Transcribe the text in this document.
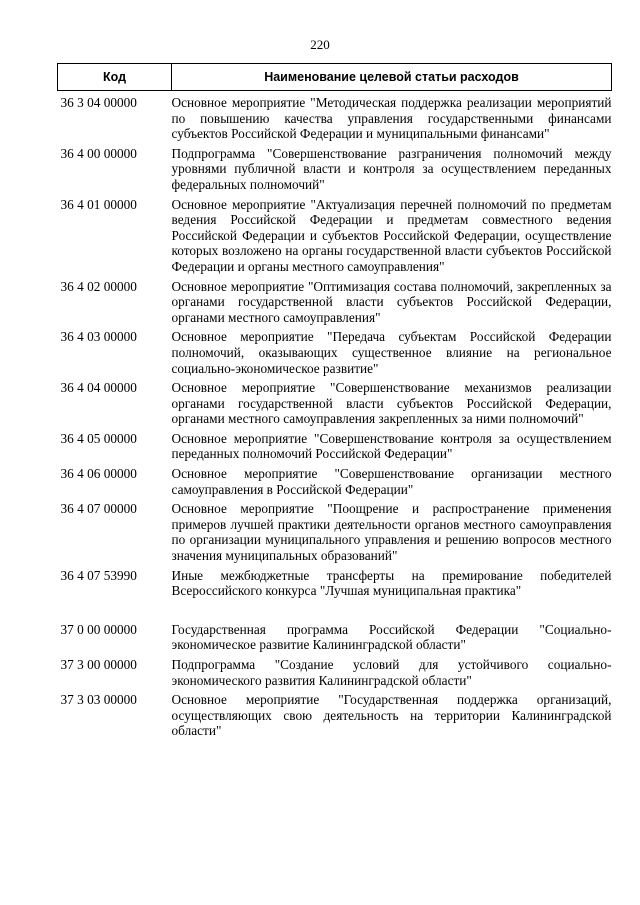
220
Код	Наименование целевой статьи расходов
36 3 04 00000	Основное мероприятие "Методическая поддержка реализации мероприятий по повышению качества управления государственными финансами субъектов Российской Федерации и муниципальными финансами"
36 4 00 00000	Подпрограмма "Совершенствование разграничения полномочий между уровнями публичной власти и контроля за осуществлением переданных федеральных полномочий"
36 4 01 00000	Основное мероприятие "Актуализация перечней полномочий по предметам ведения Российской Федерации и предметам совместного ведения Российской Федерации и субъектов Российской Федерации, осуществление которых возложено на органы государственной власти субъектов Российской Федерации и органы местного самоуправления"
36 4 02 00000	Основное мероприятие "Оптимизация состава полномочий, закрепленных за органами государственной власти субъектов Российской Федерации, органами местного самоуправления"
36 4 03 00000	Основное мероприятие "Передача субъектам Российской Федерации полномочий, оказывающих существенное влияние на региональное социально-экономическое развитие"
36 4 04 00000	Основное мероприятие "Совершенствование механизмов реализации органами государственной власти субъектов Российской Федерации, органами местного самоуправления закрепленных за ними полномочий"
36 4 05 00000	Основное мероприятие "Совершенствование контроля за осуществлением переданных полномочий Российской Федерации"
36 4 06 00000	Основное мероприятие "Совершенствование организации местного самоуправления в Российской Федерации"
36 4 07 00000	Основное мероприятие "Поощрение и распространение применения примеров лучшей практики деятельности органов местного самоуправления по организации муниципального управления и решению вопросов местного значения муниципальных образований"
36 4 07 53990	Иные межбюджетные трансферты на премирование победителей Всероссийского конкурса "Лучшая муниципальная практика"
37 0 00 00000	Государственная программа Российской Федерации "Социально-экономическое развитие Калининградской области"
37 3 00 00000	Подпрограмма "Создание условий для устойчивого социально-экономического развития Калининградской области"
37 3 03 00000	Основное мероприятие "Государственная поддержка организаций, осуществляющих свою деятельность на территории Калининградской области"
